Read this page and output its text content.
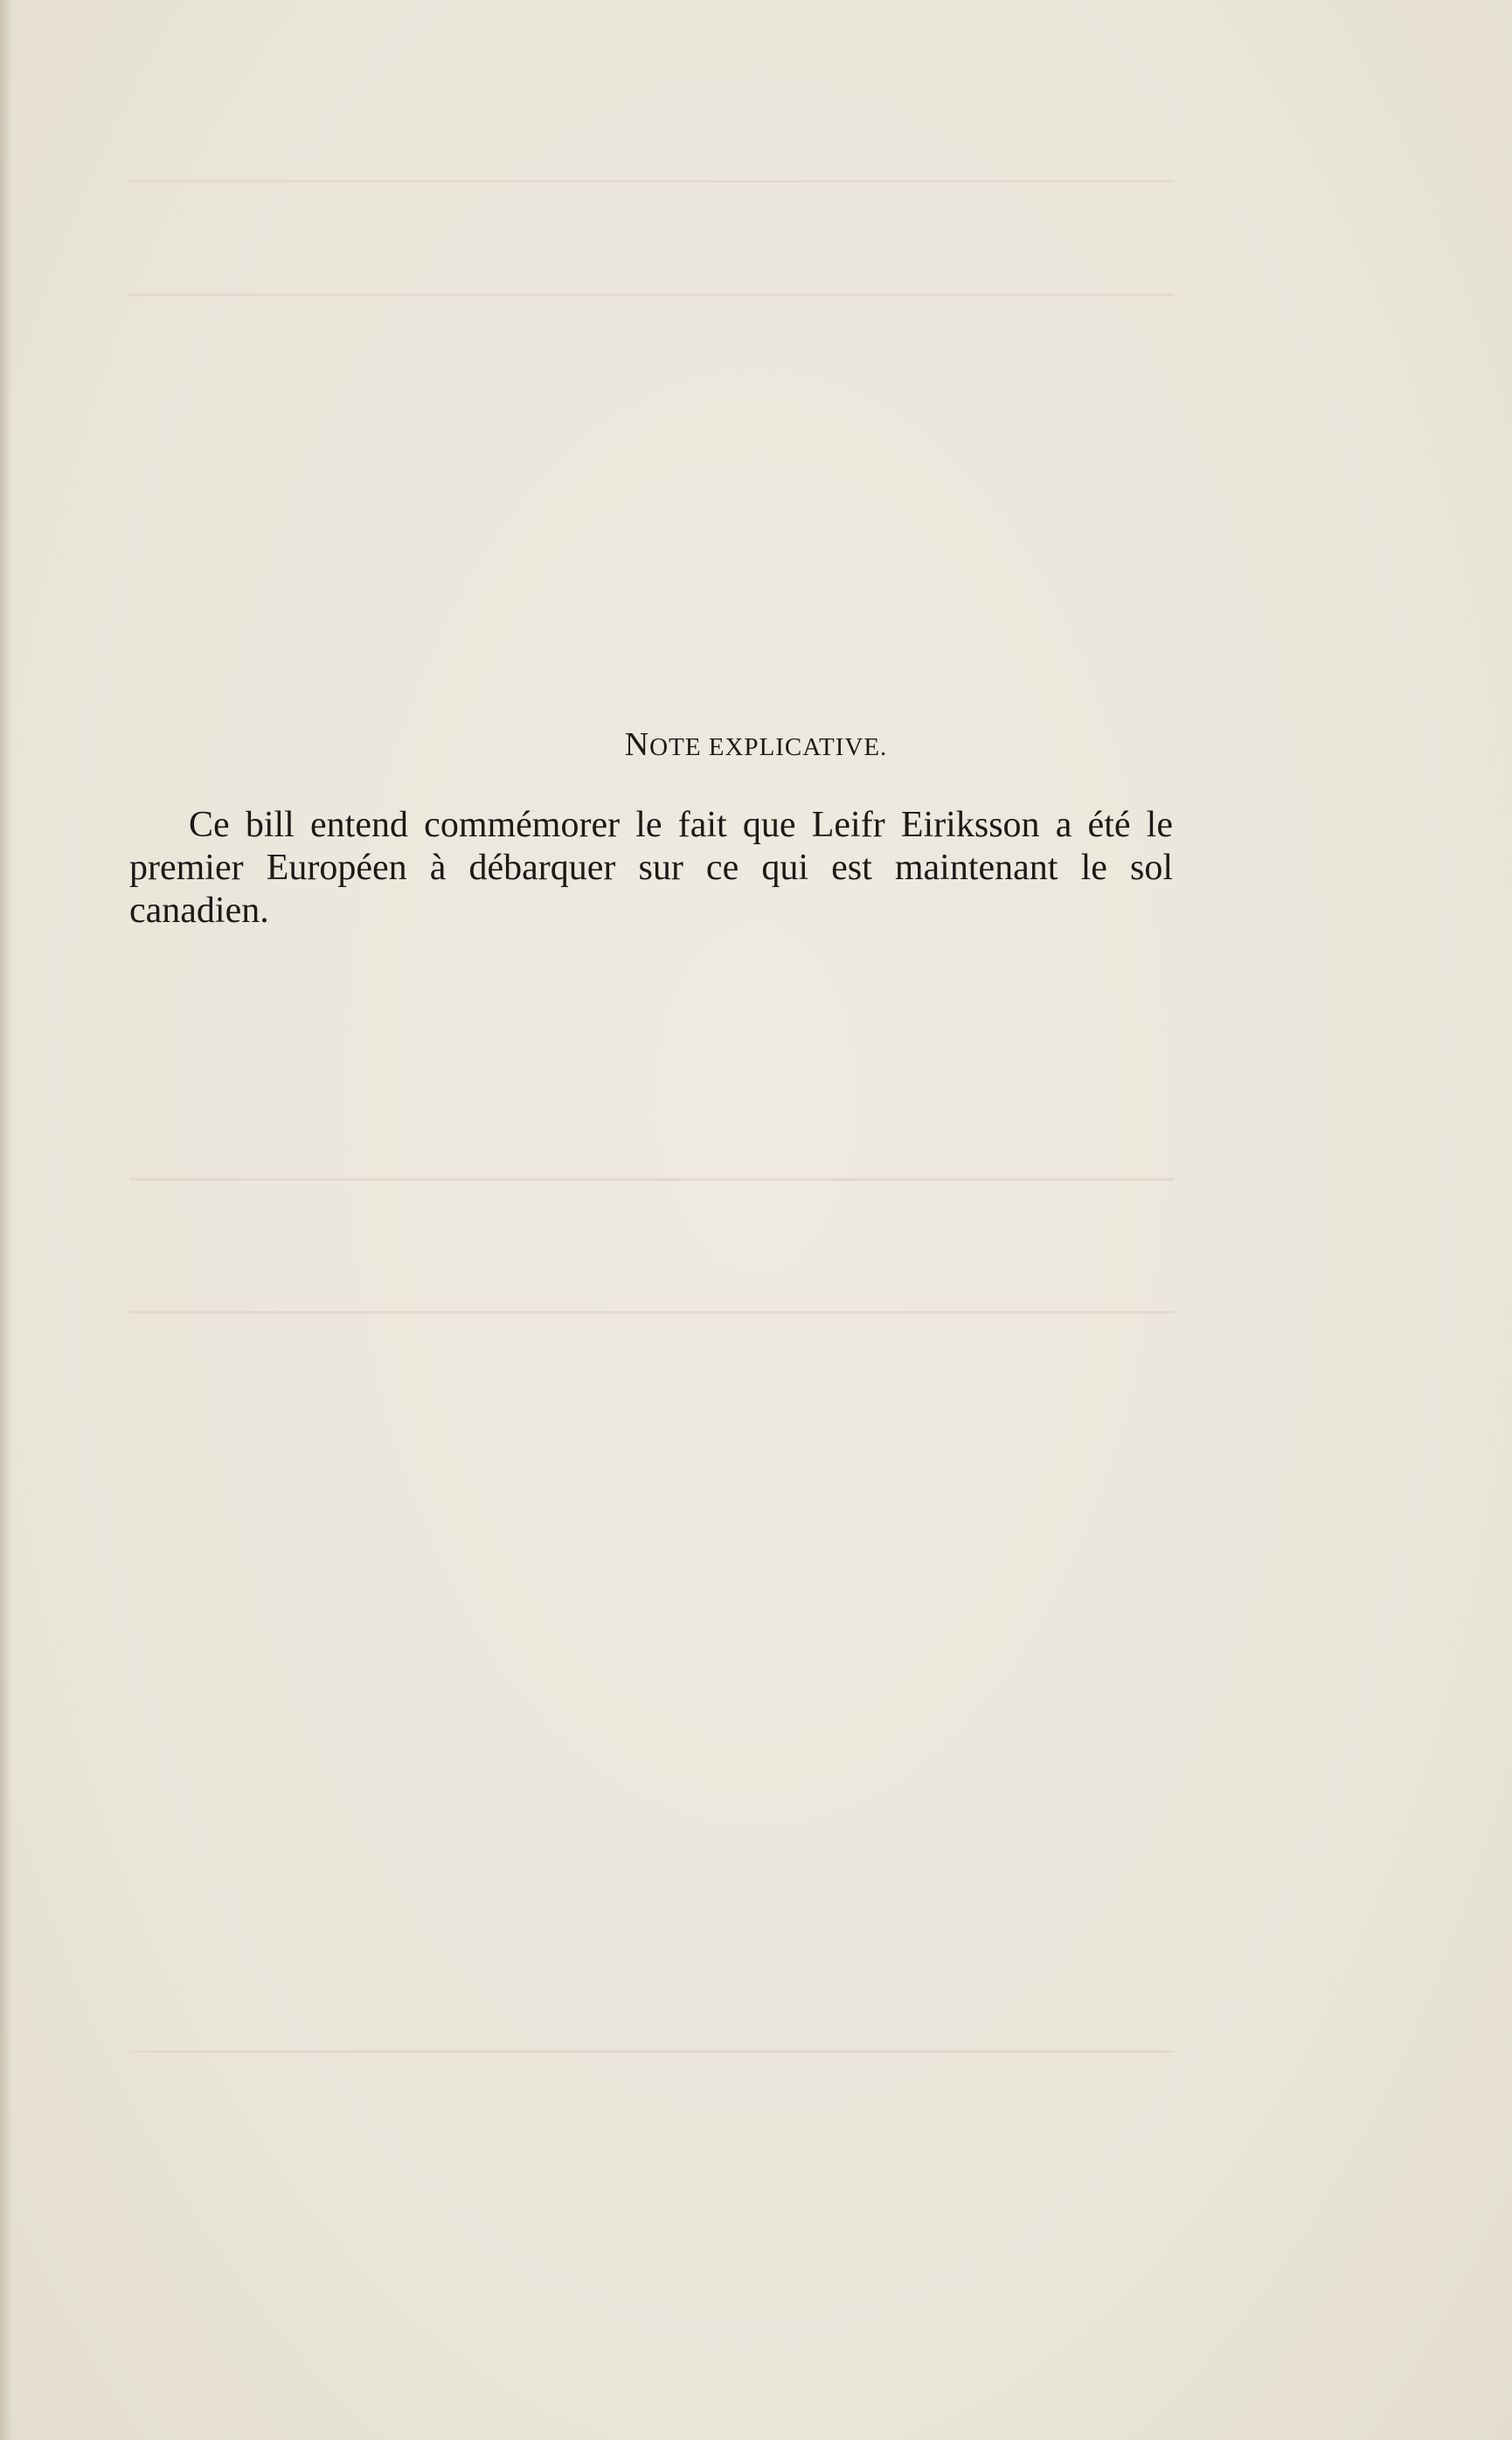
NOTE EXPLICATIVE.
Ce bill entend commémorer le fait que Leifr Eiriksson a été le premier Européen à débarquer sur ce qui est maintenant le sol canadien.
